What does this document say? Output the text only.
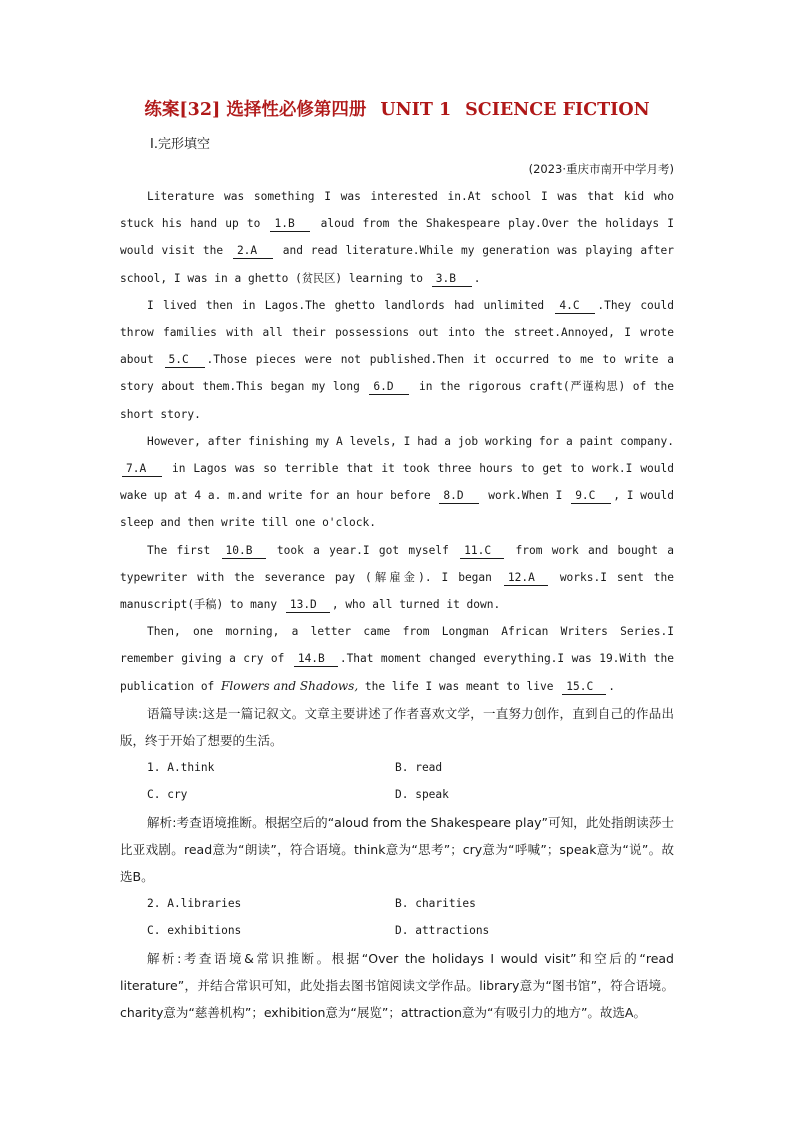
练案[32] 选择性必修第四册 UNIT 1 SCIENCE FICTION
Ⅰ.完形填空
(2023·重庆市南开中学月考)

Literature was something I was interested in.At school I was that kid who stuck his hand up to 1.B aloud from the Shakespeare play.Over the holidays I would visit the 2.A and read literature.While my generation was playing after school, I was in a ghetto (贫民区) learning to 3.B .

I lived then in Lagos.The ghetto landlords had unlimited 4.C .They could throw families with all their possessions out into the street.Annoyed, I wrote about 5.C .Those pieces were not published.Then it occurred to me to write a story about them.This began my long 6.D in the rigorous craft(严谨构思) of the short story.

However, after finishing my A levels, I had a job working for a paint company. 7.A in Lagos was so terrible that it took three hours to get to work.I would wake up at 4 a. m.and write for an hour before 8.D work.When I 9.C , I would sleep and then write till one o'clock.

The first 10.B took a year.I got myself 11.C from work and bought a typewriter with the severance pay (解雇金). I began 12.A works.I sent the manuscript(手稿) to many 13.D , who all turned it down.

Then, one morning, a letter came from Longman African Writers Series.I remember giving a cry of 14.B .That moment changed everything.I was 19.With the publication of Flowers and Shadows, the life I was meant to live 15.C .

语篇导读:这是一篇记叙文。文章主要讲述了作者喜欢文学，一直努力创作，直到自己的作品出版，终于开始了想要的生活。

1. A.think	B. read
C. cry	D. speak

解析:考查语境推断。根据空后的“aloud from the Shakespeare play”可知，此处指朗读莎士比亚戏剧。read意为“朗读”，符合语境。think意为“思考”；cry意为“呼喊”；speak意为“说”。故选B。

2. A.libraries	B. charities
C. exhibitions	D. attractions

解析:考查语境&常识推断。根据“Over the holidays I would visit”和空后的“read literature”，并结合常识可知，此处指去图书馆阅读文学作品。library意为“图书馆”，符合语境。charity意为“慈善机构”；exhibition意为“展览”；attraction意为“有吸引力的地方”。故选A。
